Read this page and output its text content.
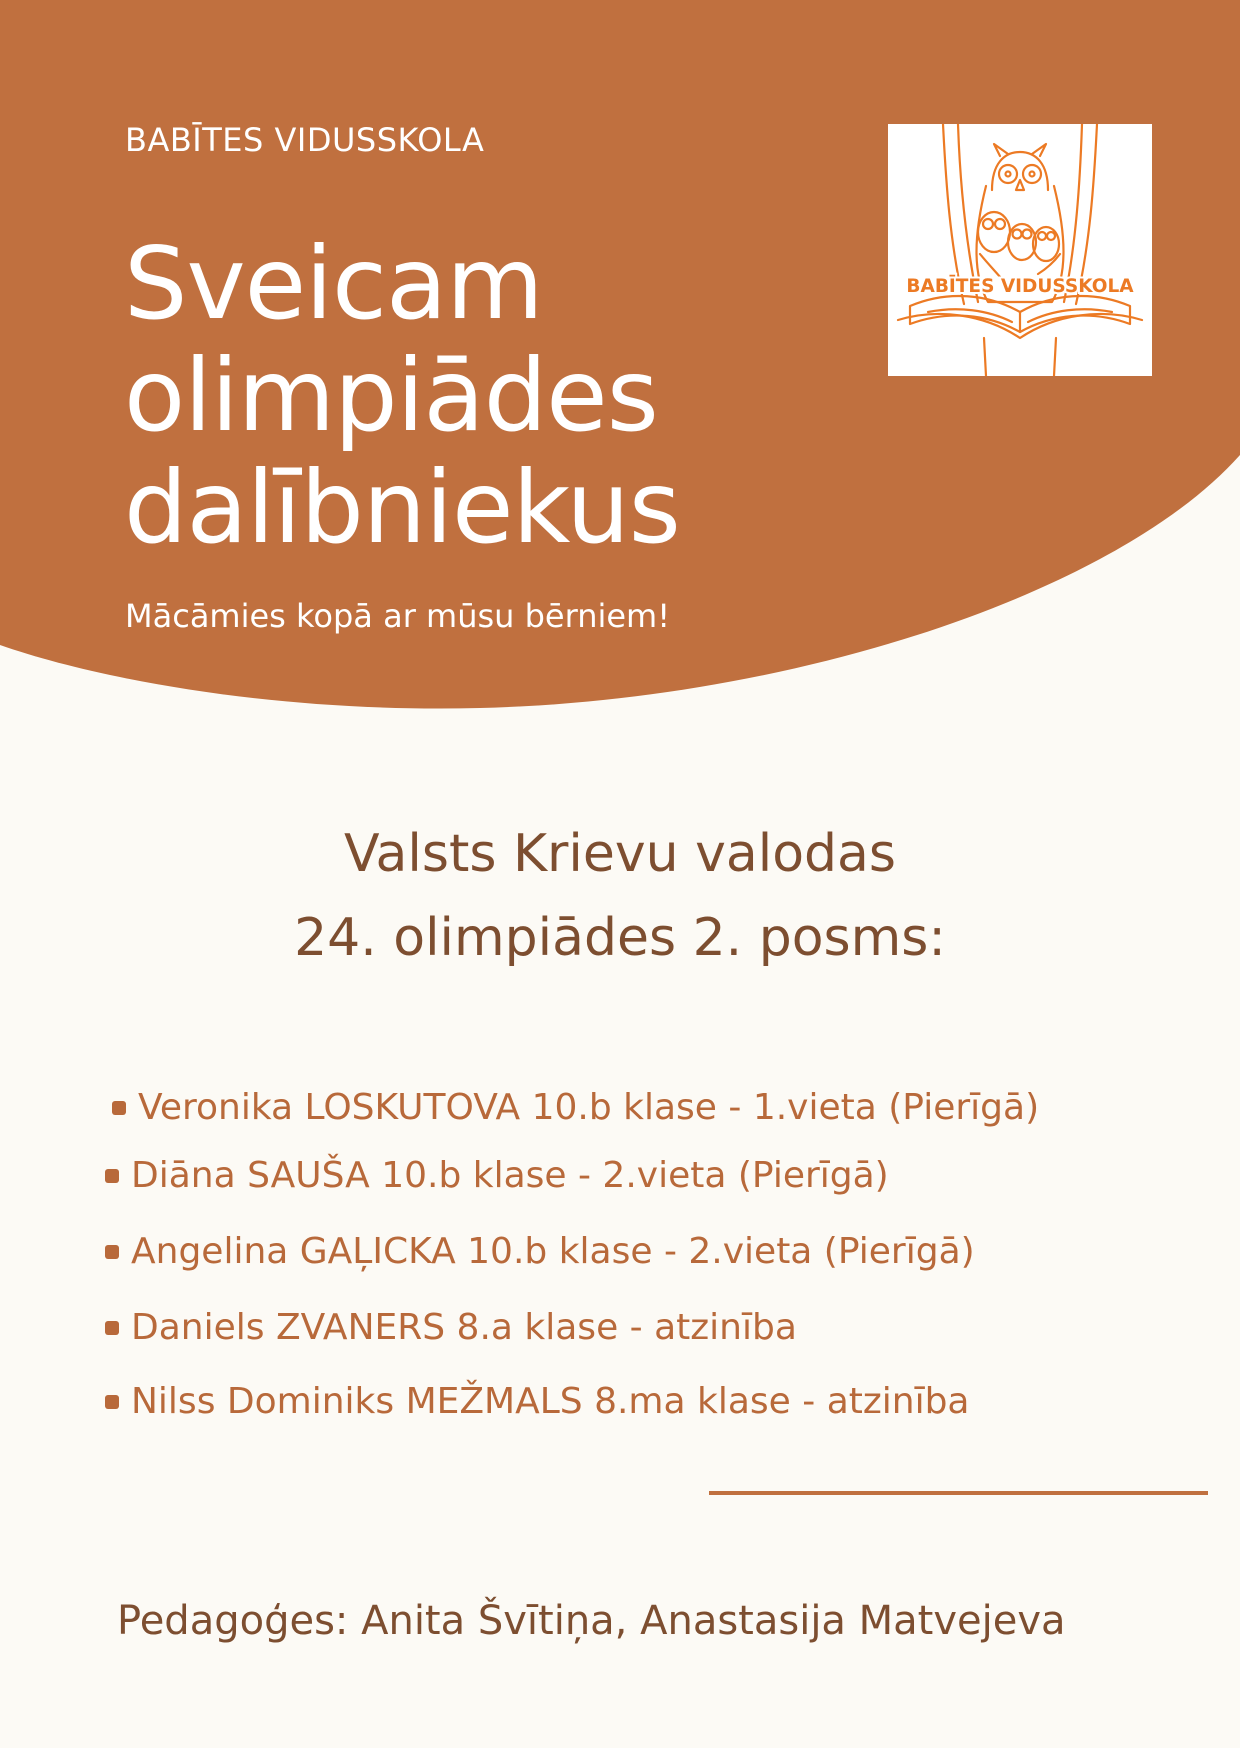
BABĪTES VIDUSSKOLA
Sveicam
olimpiādes
dalībniekus

Mācāmies kopā ar mūsu bērniem!

BABĪTES VIDUSSKOLA
Valsts Krievu valodas
24. olimpiādes 2. posms:
Veronika LOSKUTOVA 10.b klase - 1.vieta (Pierīgā)
Diāna SAUŠA 10.b klase - 2.vieta (Pierīgā)
Angelina GAĻICKA 10.b klase - 2.vieta (Pierīgā)
Daniels ZVANERS 8.a klase - atzinība
Nilss Dominiks MEŽMALS 8.ma klase - atzinība

Pedagoģes: Anita Švītiņa, Anastasija Matvejeva
